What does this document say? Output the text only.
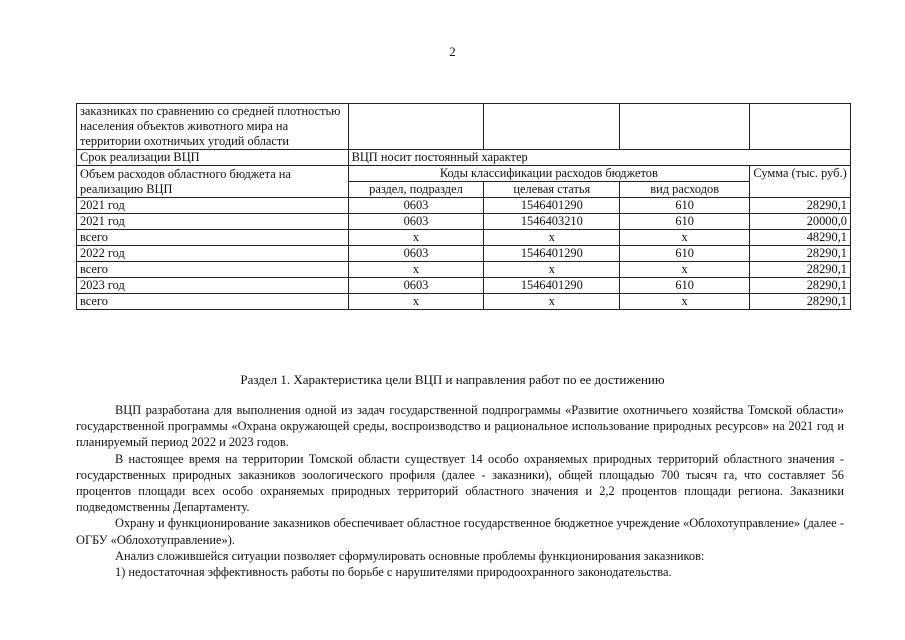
2
заказниках по сравнению со средней плотностью населения объектов животного мира на территории охотничьих угодий области				
Срок реализации ВЦП	ВЦП носит постоянный характер			
Объем расходов областного бюджета на реализацию ВЦП	Коды классификации расходов бюджетов			Сумма (тыс. руб.)
	раздел, подраздел	целевая статья	вид расходов	
2021 год	0603	1546401290	610	28290,1
2021 год	0603	1546403210	610	20000,0
всего	x	x	x	48290,1
2022 год	0603	1546401290	610	28290,1
всего	x	x	x	28290,1
2023 год	0603	1546401290	610	28290,1
всего	x	x	x	28290,1
Раздел 1. Характеристика цели ВЦП и направления работ по ее достижению

ВЦП разработана для выполнения одной из задач государственной подпрограммы «Развитие охотничьего хозяйства Томской области» государственной программы «Охрана окружающей среды, воспроизводство и рациональное использование природных ресурсов» на 2021 год и планируемый период 2022 и 2023 годов.

В настоящее время на территории Томской области существует 14 особо охраняемых природных территорий областного значения - государственных природных заказников зоологического профиля (далее - заказники), общей площадью 700 тысяч га, что составляет 56 процентов площади всех особо охраняемых природных территорий областного значения и 2,2 процентов площади региона. Заказники подведомственны Департаменту.

Охрану и функционирование заказников обеспечивает областное государственное бюджетное учреждение «Облохотуправление» (далее - ОГБУ «Облохотуправление»).

Анализ сложившейся ситуации позволяет сформулировать основные проблемы функционирования заказников:

1) недостаточная эффективность работы по борьбе с нарушителями природоохранного законодательства.
